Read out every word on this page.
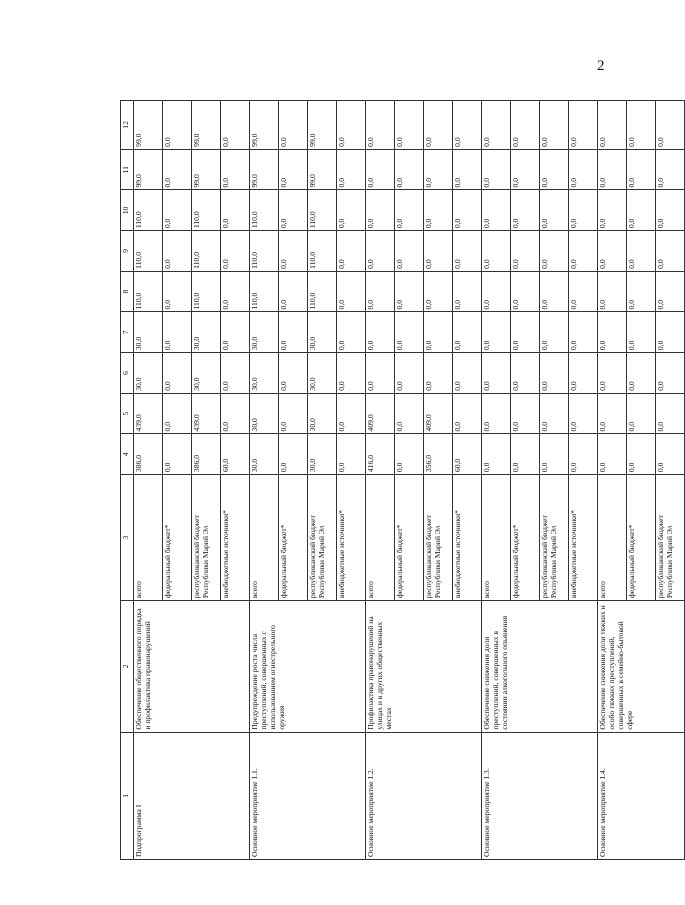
2
1	2	3	4	5	6	7	8	9	10	11	12
Подпрограмма I	Обеспечение общественного порядка и профилактика правонарушений	всего	386,0	439,0	30,0	30,0	110,0	110,0	110,0	99,0	99,0
		федеральный бюджет*	0,0	0,0	0,0	0,0	0,0	0,0	0,0	0,0	0,0
		республиканский бюджет Республики Марий Эл	386,0	439,0	30,0	30,0	110,0	110,0	110,0	99,0	99,0
		внебюджетные источники*	60,0	0,0	0,0	0,0	0,0	0,0	0,0	0,0	0,0
Основное мероприятие 1.1.	Предупреждение роста числа преступлений, совершенных с использованием огнестрельного оружия	всего	30,0	30,0	30,0	30,0	110,0	110,0	110,0	99,0	99,0
		федеральный бюджет*	0,0	0,0	0,0	0,0	0,0	0,0	0,0	0,0	0,0
		республиканский бюджет Республики Марий Эл	30,0	30,0	30,0	30,0	110,0	110,0	110,0	99,0	99,0
		внебюджетные источники*	0,0	0,0	0,0	0,0	0,0	0,0	0,0	0,0	0,0
Основное мероприятие 1.2.	Профилактика правонарушений на улицах и в других общественных местах	всего	416,0	409,0	0,0	0,0	0,0	0,0	0,0	0,0	0,0
		федеральный бюджет*	0,0	0,0	0,0	0,0	0,0	0,0	0,0	0,0	0,0
		республиканский бюджет Республики Марий Эл	356,0	409,0	0,0	0,0	0,0	0,0	0,0	0,0	0,0
		внебюджетные источники*	60,0	0,0	0,0	0,0	0,0	0,0	0,0	0,0	0,0
Основное мероприятие 1.3.	Обеспечение снижения доли преступлений, совершенных в состоянии алкогольного опьянения	всего	0,0	0,0	0,0	0,0	0,0	0,0	0,0	0,0	0,0
		федеральный бюджет*	0,0	0,0	0,0	0,0	0,0	0,0	0,0	0,0	0,0
		республиканский бюджет Республики Марий Эл	0,0	0,0	0,0	0,0	0,0	0,0	0,0	0,0	0,0
		внебюджетные источники*	0,0	0,0	0,0	0,0	0,0	0,0	0,0	0,0	0,0
Основное мероприятие 1.4.	Обеспечение снижения доли тяжких и особо тяжких преступлений, совершенных в семейно-бытовой сфере	всего	0,0	0,0	0,0	0,0	0,0	0,0	0,0	0,0	0,0
		федеральный бюджет*	0,0	0,0	0,0	0,0	0,0	0,0	0,0	0,0	0,0
		республиканский бюджет Республики Марий Эл	0,0	0,0	0,0	0,0	0,0	0,0	0,0	0,0	0,0
